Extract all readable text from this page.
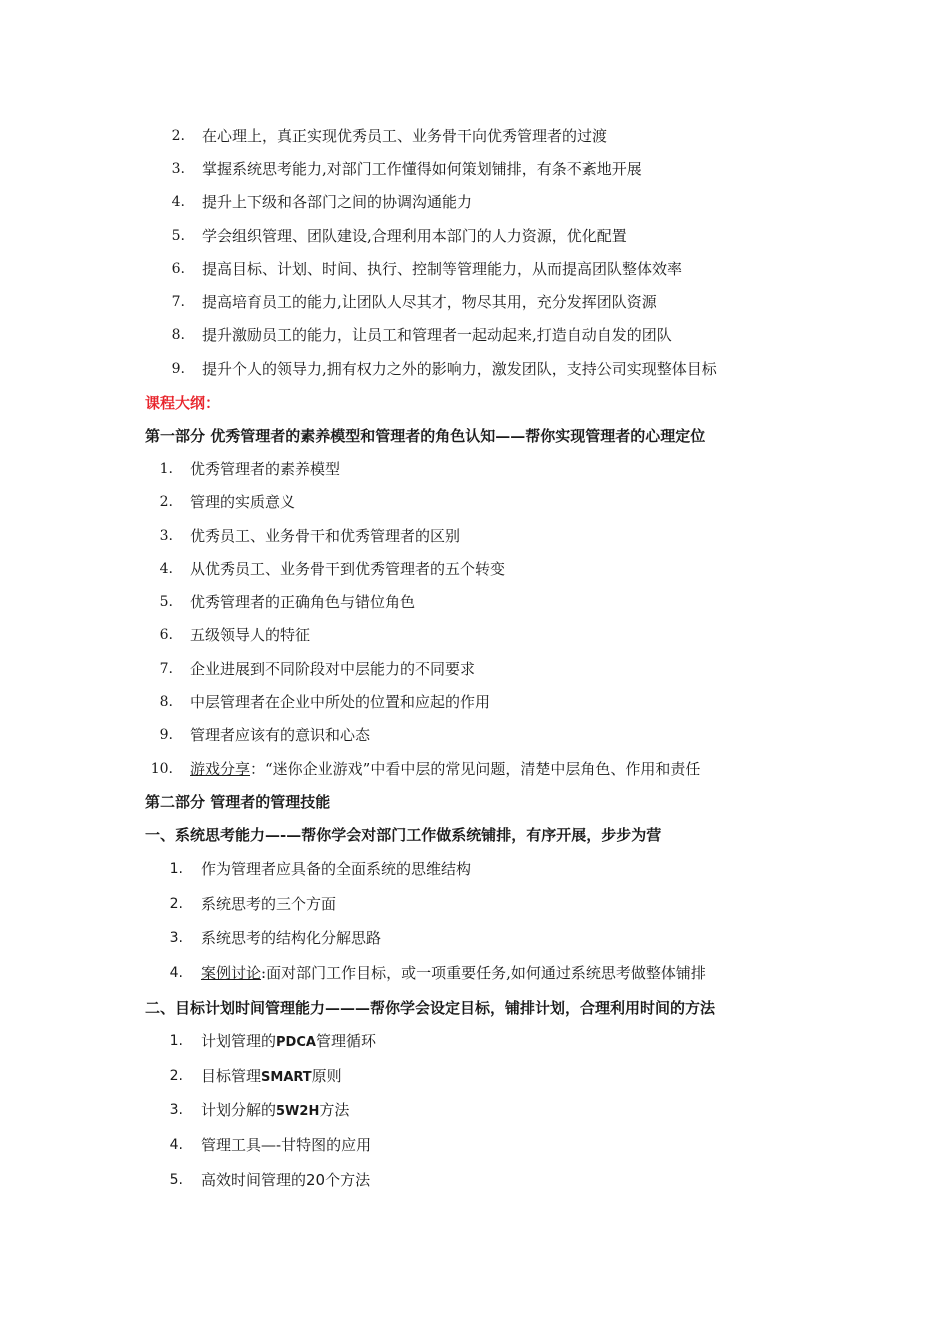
2. 在心理上，真正实现优秀员工、业务骨干向优秀管理者的过渡
3. 掌握系统思考能力,对部门工作懂得如何策划铺排，有条不紊地开展
4. 提升上下级和各部门之间的协调沟通能力
5. 学会组织管理、团队建设,合理利用本部门的人力资源，优化配置
6. 提高目标、计划、时间、执行、控制等管理能力，从而提高团队整体效率
7. 提高培育员工的能力,让团队人尽其才，物尽其用，充分发挥团队资源
8. 提升激励员工的能力，让员工和管理者一起动起来,打造自动自发的团队
9. 提升个人的领导力,拥有权力之外的影响力，激发团队，支持公司实现整体目标
课程大纲：
第一部分 优秀管理者的素养模型和管理者的角色认知——帮你实现管理者的心理定位
1. 优秀管理者的素养模型
2. 管理的实质意义
3. 优秀员工、业务骨干和优秀管理者的区别
4. 从优秀员工、业务骨干到优秀管理者的五个转变
5. 优秀管理者的正确角色与错位角色
6. 五级领导人的特征
7. 企业进展到不同阶段对中层能力的不同要求
8. 中层管理者在企业中所处的位置和应起的作用
9. 管理者应该有的意识和心态
10. 游戏分享：“迷你企业游戏”中看中层的常见问题，清楚中层角色、作用和责任
第二部分 管理者的管理技能
一、系统思考能力—-—帮你学会对部门工作做系统铺排，有序开展，步步为营
1. 作为管理者应具备的全面系统的思维结构
2. 系统思考的三个方面
3. 系统思考的结构化分解思路
4. 案例讨论:面对部门工作目标，或一项重要任务,如何通过系统思考做整体铺排
二、目标计划时间管理能力———帮你学会设定目标，铺排计划，合理利用时间的方法
1. 计划管理的PDCA管理循环
2. 目标管理SMART原则
3. 计划分解的5W2H方法
4. 管理工具—-甘特图的应用
5. 高效时间管理的20个方法
